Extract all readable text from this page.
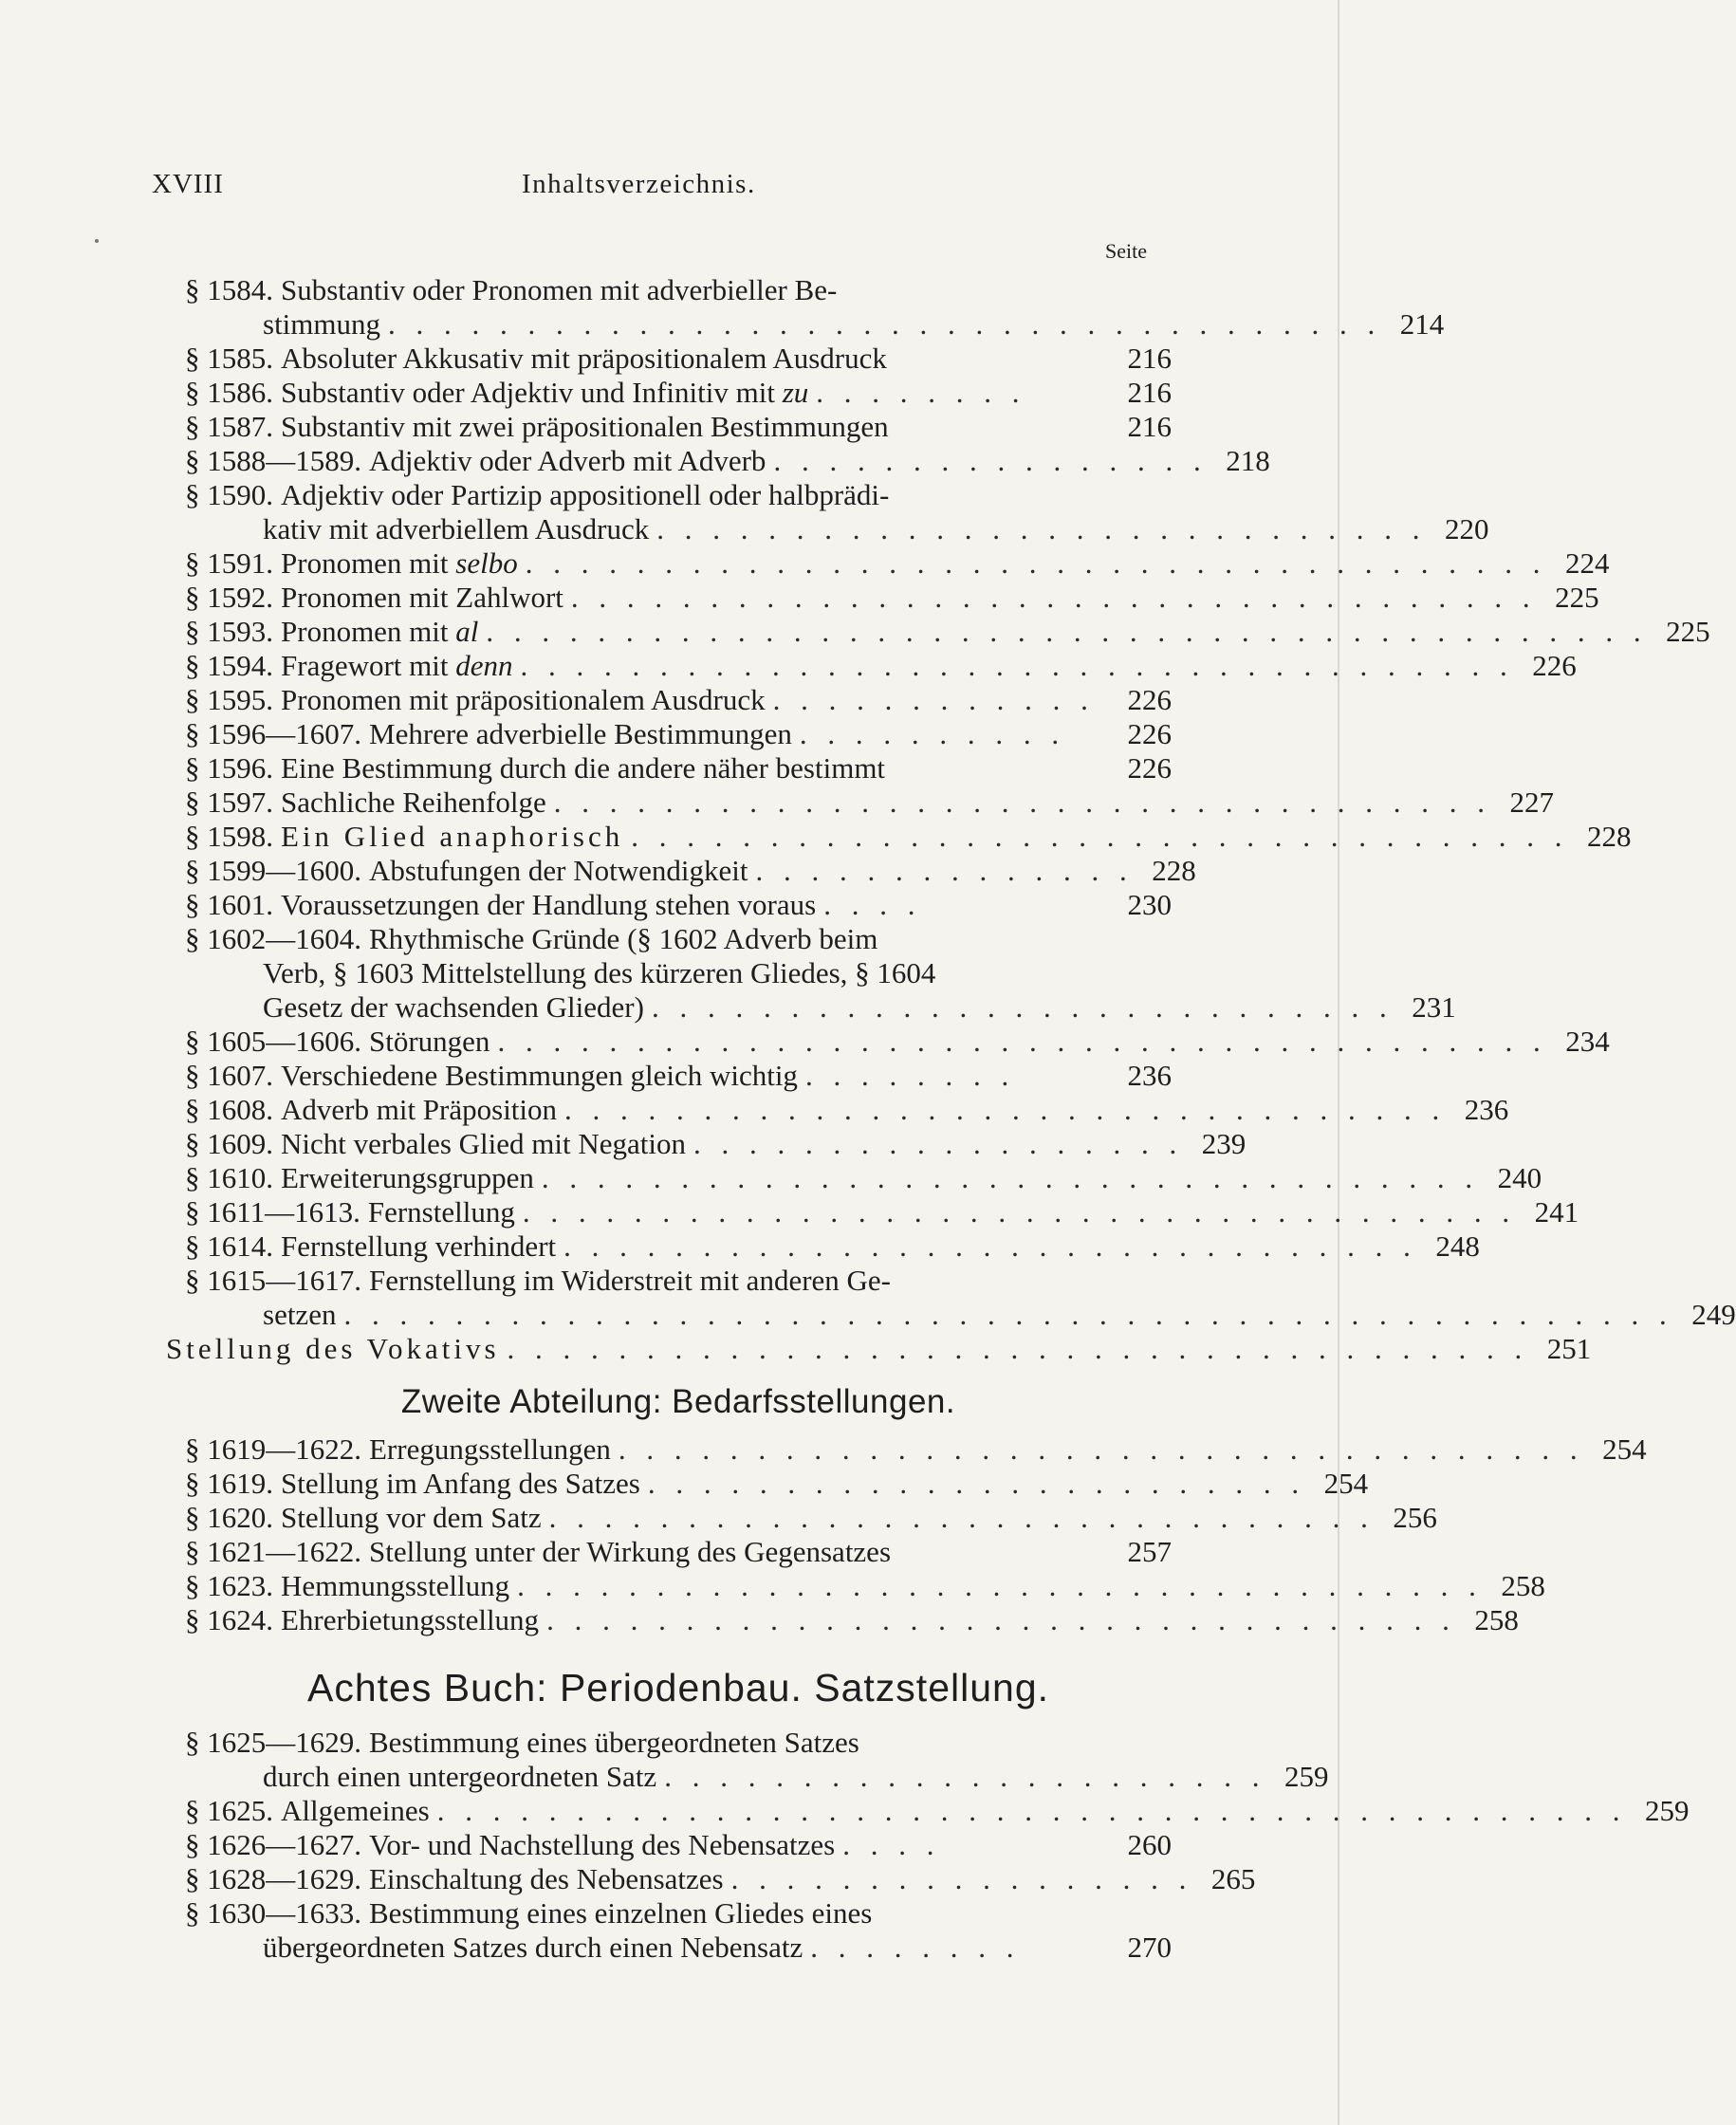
XVIII	Inhaltsverzeichnis.
Seite
§ 1584. Substantiv oder Pronomen mit adverbieller Be-
stimmung . . . . . . . . . . . . . . . . . . . . . . . . . . . . . . . . . . . . 214
§ 1585. Absoluter Akkusativ mit präpositionalem Ausdruck	216
§ 1586. Substantiv oder Adjektiv und Infinitiv mit zu . . . . . . . .	216
§ 1587. Substantiv mit zwei präpositionalen Bestimmungen	216
§ 1588—1589. Adjektiv oder Adverb mit Adverb . . . . . . . . . . . . . . . . 218
§ 1590. Adjektiv oder Partizip appositionell oder halbprädi-
kativ mit adverbiellem Ausdruck . . . . . . . . . . . . . . . . . . . . . . . . . . . . 220
§ 1591. Pronomen mit selbo . . . . . . . . . . . . . . . . . . . . . . . . . . . . . . . . . . . . . 224
§ 1592. Pronomen mit Zahlwort . . . . . . . . . . . . . . . . . . . . . . . . . . . . . . . . . . . 225
§ 1593. Pronomen mit al . . . . . . . . . . . . . . . . . . . . . . . . . . . . . . . . . . . . . . . . . . 225
§ 1594. Fragewort mit denn . . . . . . . . . . . . . . . . . . . . . . . . . . . . . . . . . . . . 226
§ 1595. Pronomen mit präpositionalem Ausdruck . . . . . . . . . . . .	226
§ 1596—1607. Mehrere adverbielle Bestimmungen . . . . . . . . . .	226
§ 1596. Eine Bestimmung durch die andere näher bestimmt	226
§ 1597. Sachliche Reihenfolge . . . . . . . . . . . . . . . . . . . . . . . . . . . . . . . . . . 227
§ 1598. Ein Glied anaphorisch . . . . . . . . . . . . . . . . . . . . . . . . . . . . . . . . . . 228
§ 1599—1600. Abstufungen der Notwendigkeit . . . . . . . . . . . . . . 228
§ 1601. Voraussetzungen der Handlung stehen voraus . . . .	230
§ 1602—1604. Rhythmische Gründe (§ 1602 Adverb beim
Verb, § 1603 Mittelstellung des kürzeren Gliedes, § 1604
Gesetz der wachsenden Glieder) . . . . . . . . . . . . . . . . . . . . . . . . . . . 231
§ 1605—1606. Störungen . . . . . . . . . . . . . . . . . . . . . . . . . . . . . . . . . . . . . . 234
§ 1607. Verschiedene Bestimmungen gleich wichtig . . . . . . . .	236
§ 1608. Adverb mit Präposition . . . . . . . . . . . . . . . . . . . . . . . . . . . . . . . . 236
§ 1609. Nicht verbales Glied mit Negation . . . . . . . . . . . . . . . . . . 239
§ 1610. Erweiterungsgruppen . . . . . . . . . . . . . . . . . . . . . . . . . . . . . . . . . . 240
§ 1611—1613. Fernstellung . . . . . . . . . . . . . . . . . . . . . . . . . . . . . . . . . . . . 241
§ 1614. Fernstellung verhindert . . . . . . . . . . . . . . . . . . . . . . . . . . . . . . . 248
§ 1615—1617. Fernstellung im Widerstreit mit anderen Ge-
setzen . . . . . . . . . . . . . . . . . . . . . . . . . . . . . . . . . . . . . . . . . . . . . . . . 249
Stellung des Vokativs . . . . . . . . . . . . . . . . . . . . . . . . . . . . . . . . . . . . . 251
Zweite Abteilung: Bedarfsstellungen.
§ 1619—1622. Erregungsstellungen . . . . . . . . . . . . . . . . . . . . . . . . . . . . . . . . . . . 254
§ 1619. Stellung im Anfang des Satzes . . . . . . . . . . . . . . . . . . . . . . . . 254
§ 1620. Stellung vor dem Satz . . . . . . . . . . . . . . . . . . . . . . . . . . . . . . 256
§ 1621—1622. Stellung unter der Wirkung des Gegensatzes	257
§ 1623. Hemmungsstellung . . . . . . . . . . . . . . . . . . . . . . . . . . . . . . . . . . . 258
§ 1624. Ehrerbietungsstellung . . . . . . . . . . . . . . . . . . . . . . . . . . . . . . . . . 258
Achtes Buch: Periodenbau. Satzstellung.
§ 1625—1629. Bestimmung eines übergeordneten Satzes
durch einen untergeordneten Satz . . . . . . . . . . . . . . . . . . . . . . 259
§ 1625. Allgemeines . . . . . . . . . . . . . . . . . . . . . . . . . . . . . . . . . . . . . . . . . . . 259
§ 1626—1627. Vor- und Nachstellung des Nebensatzes . . . .	260
§ 1628—1629. Einschaltung des Nebensatzes . . . . . . . . . . . . . . . . . 265
§ 1630—1633. Bestimmung eines einzelnen Gliedes eines
übergeordneten Satzes durch einen Nebensatz . . . . . . . .	270
